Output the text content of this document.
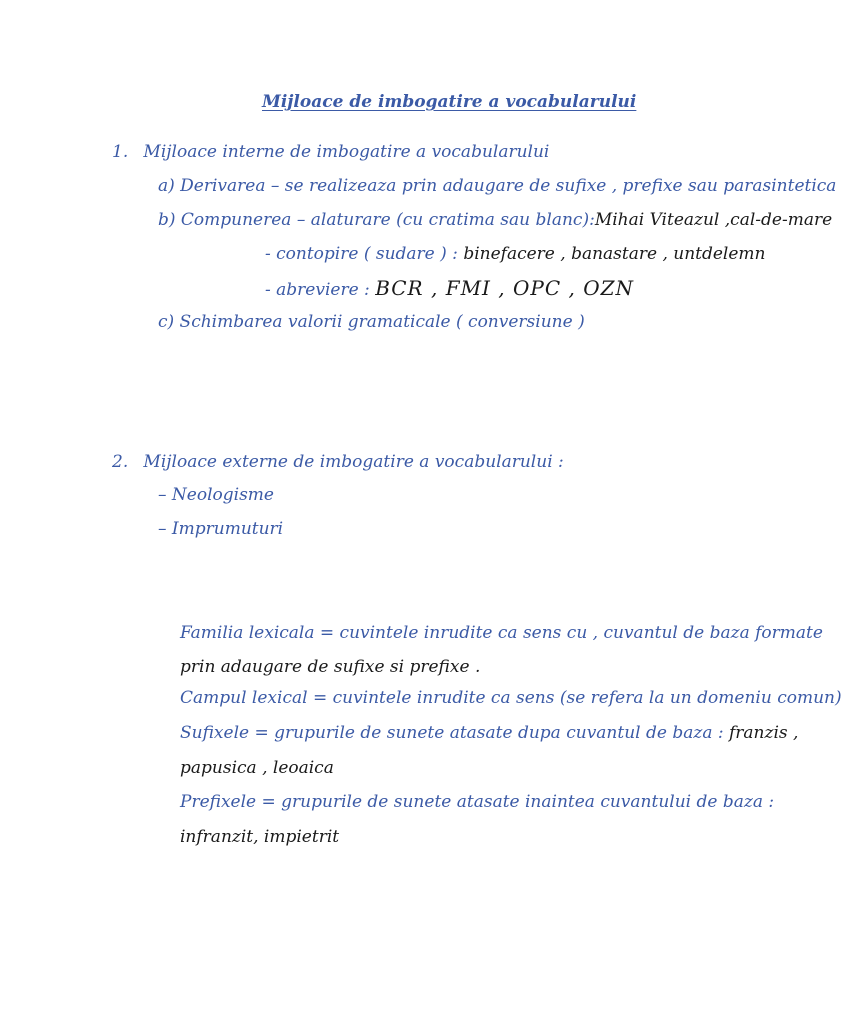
Mijloace de imbogatire a vocabularului
1. Mijloace interne de imbogatire a vocabularului
a) Derivarea – se realizeaza prin adaugare de sufixe , prefixe sau parasintetica
b) Compunerea – alaturare (cu cratima sau blanc):Mihai Viteazul ,cal-de-mare
- contopire ( sudare ) : binefacere , banastare , untdelemn
- abreviere : BCR , FMI , OPC , OZN
c) Schimbarea valorii gramaticale ( conversiune )
2. Mijloace externe de imbogatire a vocabularului :
– Neologisme
– Imprumuturi
Familia lexicala = cuvintele inrudite ca sens cu , cuvantul de baza formate
prin adaugare de sufixe si prefixe .
Campul lexical = cuvintele inrudite ca sens (se refera la un domeniu comun)
Sufixele = grupurile de sunete atasate dupa cuvantul de baza : franzis ,
papusica , leoaica
Prefixele = grupurile de sunete atasate inaintea cuvantului de baza :
infranzit, impietrit
